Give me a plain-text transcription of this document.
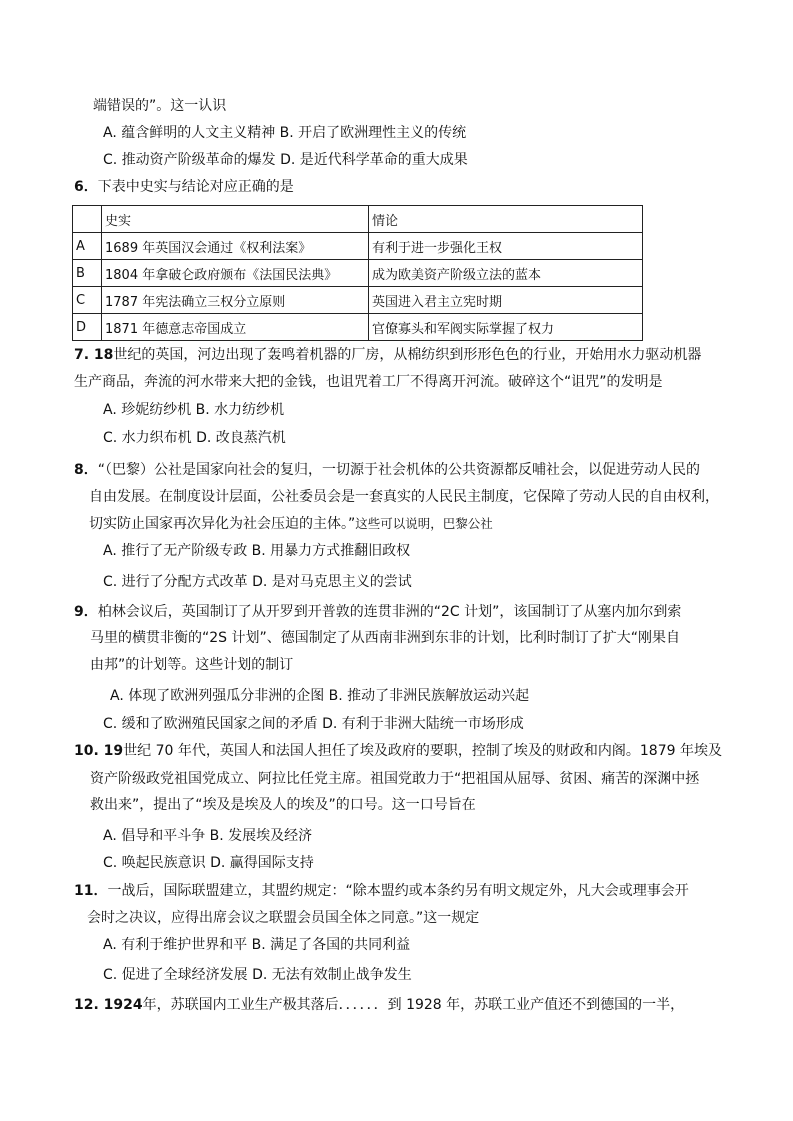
端错误的”。这一认识
A. 蕴含鲜明的人文主义精神 B. 开启了欧洲理性主义的传统
C. 推动资产阶级革命的爆发 D. 是近代科学革命的重大成果
6．下表中史实与结论对应正确的是
	史实	情论
A	1689 年英国汉会通过《权利法案》	有利于进一步强化王权
B	1804 年拿破仑政府颁布《法国民法典》	成为欧美资产阶级立法的蓝本
C	1787 年宪法确立三权分立原则	英国进入君主立宪时期
D	1871 年德意志帝国成立	官僚寡头和军阀实际掌握了权力
7. 18世纪的英国，河边出现了轰鸣着机器的厂房，从棉纺织到形形色色的行业，开始用水力驱动机器
生产商品，奔流的河水带来大把的金钱，也诅咒着工厂不得离开河流。破碎这个“诅咒”的发明是
A. 珍妮纺纱机 B. 水力纺纱机
C. 水力织布机 D. 改良蒸汽机
8．“（巴黎）公社是国家向社会的复归，一切源于社会机体的公共资源都反哺社会，以促进劳动人民的
自由发展。在制度设计层面，公社委员会是一套真实的人民民主制度，它保障了劳动人民的自由权利，
切实防止国家再次异化为社会压迫的主体。”这些可以说明，巴黎公社
A. 推行了无产阶级专政 B. 用暴力方式推翻旧政权
C. 进行了分配方式改革 D. 是对马克思主义的尝试
9．柏林会议后，英国制订了从开罗到开普敦的连贯非洲的“2C 计划”，该国制订了从塞内加尔到索
马里的横贯非衡的“2S 计划”、德国制定了从西南非洲到东非的计划，比利时制订了扩大“刚果自
由邦”的计划等。这些计划的制订
A. 体现了欧洲列强瓜分非洲的企图 B. 推动了非洲民族解放运动兴起
C. 缓和了欧洲殖民国家之间的矛盾 D. 有利于非洲大陆统一市场形成
10. 19世纪 70 年代，英国人和法国人担任了埃及政府的要职，控制了埃及的财政和内阁。1879 年埃及
资产阶级政党祖国党成立、阿拉比任党主席。祖国党敢力于“把祖国从屈辱、贫困、痛苦的深渊中拯
救出来”，提出了“埃及是埃及人的埃及”的口号。这一口号旨在
A. 倡导和平斗争 B. 发展埃及经济
C. 唤起民族意识 D. 赢得国际支持
11．一战后，国际联盟建立，其盟约规定：“除本盟约或本条约另有明文规定外，凡大会或理事会开
会时之决议，应得出席会议之联盟会员国全体之同意。”这一规定
A. 有利于维护世界和平 B. 满足了各国的共同利益
C. 促进了全球经济发展 D. 无法有效制止战争发生
12. 1924年，苏联国内工业生产极其落后．．．．．．到 1928 年，苏联工业产值还不到德国的一半，
